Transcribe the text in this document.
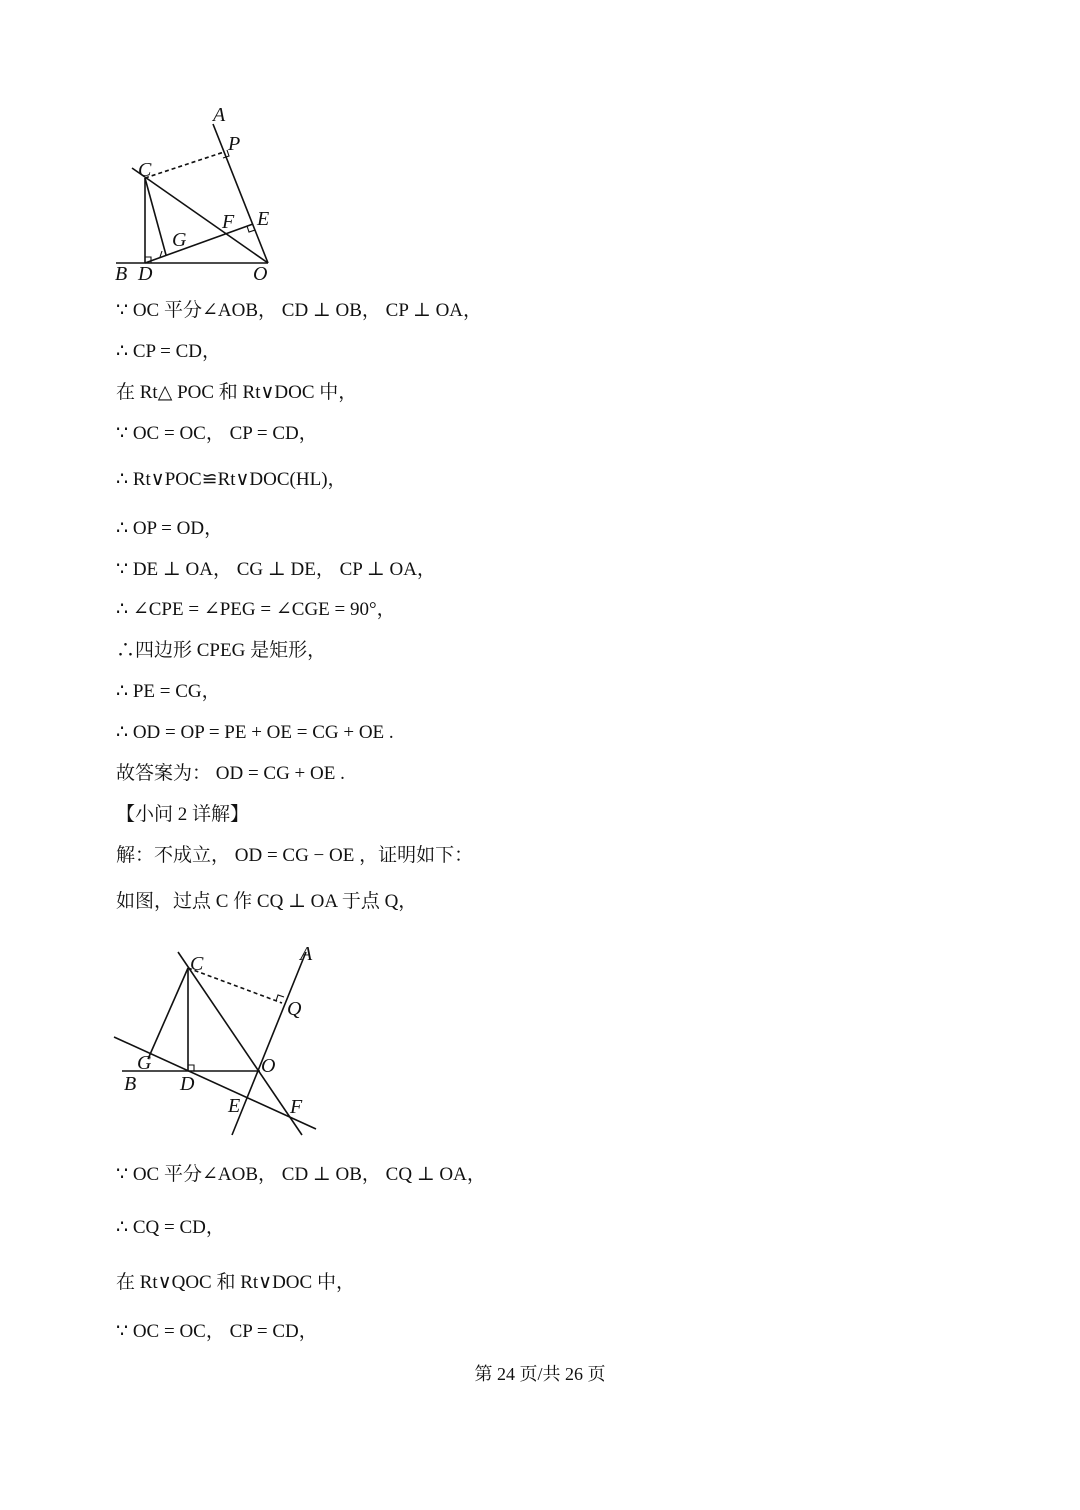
A
P
C
E
F
G
B D	O
∵ OC 平分∠AOB， CD ⊥ OB， CP ⊥ OA，
∴ CP = CD，
在 Rt△ POC 和 Rt∨DOC 中，
∵ OC = OC， CP = CD，
∴ Rt∨POC≌Rt∨DOC(HL)，
∴ OP = OD，
∵ DE ⊥ OA， CG ⊥ DE， CP ⊥ OA，
∴ ∠CPE = ∠PEG = ∠CGE = 90°，
∴四边形 CPEG 是矩形，
∴ PE = CG，
∴ OD = OP = PE + OE = CG + OE .
故答案为： OD = CG + OE .
【小问 2 详解】
解：不成立， OD = CG − OE ，证明如下：
如图，过点 C 作 CQ ⊥ OA 于点 Q，
A
C
Q
G
B D
O
E F
∵ OC 平分∠AOB， CD ⊥ OB， CQ ⊥ OA，
∴ CQ = CD，
在 Rt∨QOC 和 Rt∨DOC 中，
∵ OC = OC， CP = CD，
第 24 页/共 26 页
